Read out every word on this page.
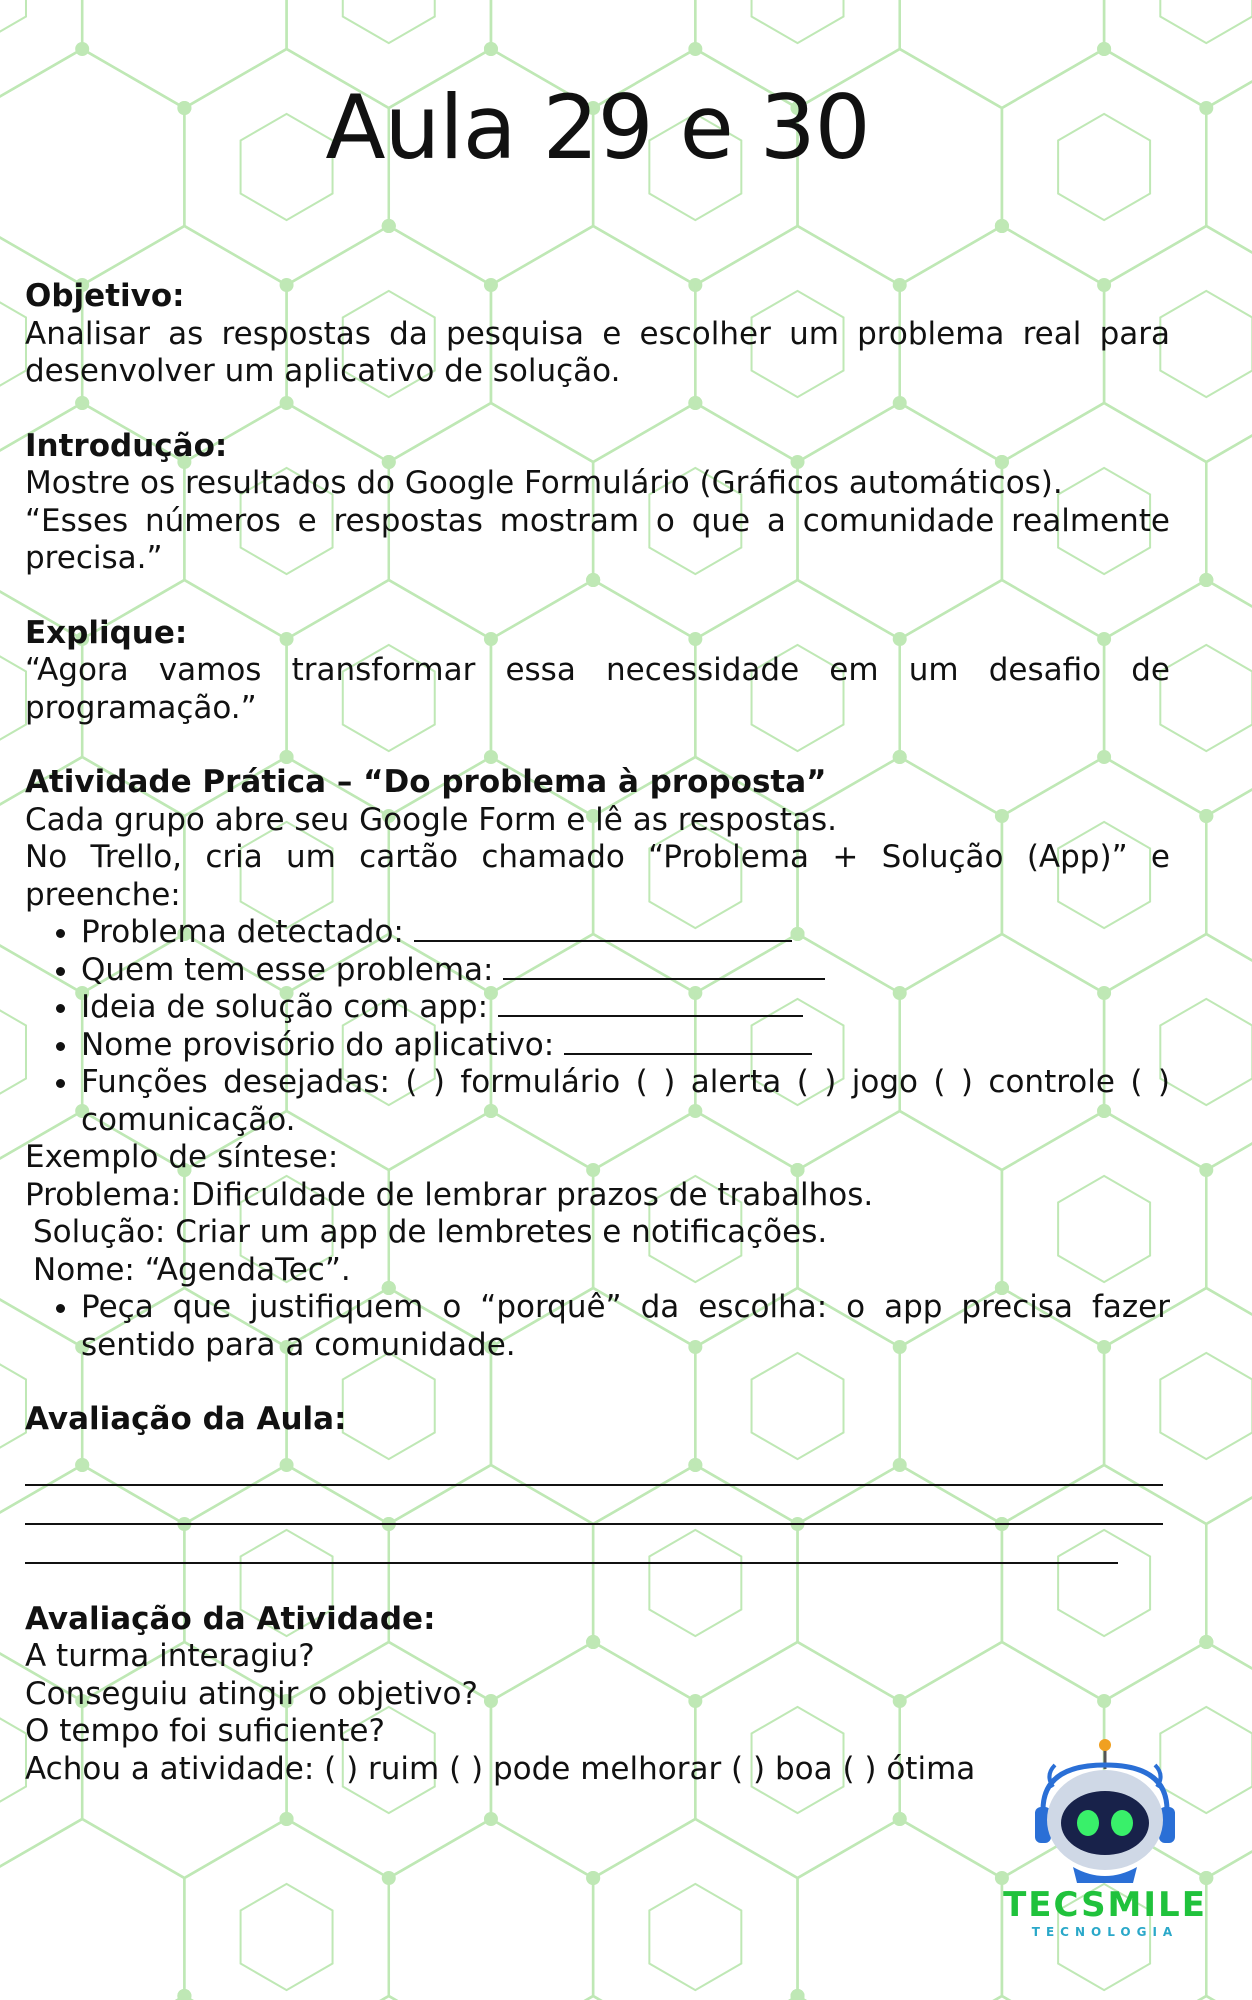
Aula 29 e 30
Objetivo:

Analisar as respostas da pesquisa e escolher um problema real para desenvolver um aplicativo de solução.

Introdução:

Mostre os resultados do Google Formulário (Gráficos automáticos).

“Esses números e respostas mostram o que a comunidade realmente precisa.”

Explique:

“Agora vamos transformar essa necessidade em um desafio de programação.”

Atividade Prática – “Do problema à proposta”

Cada grupo abre seu Google Form e lê as respostas.

No Trello, cria um cartão chamado “Problema + Solução (App)” e preenche:

• Problema detectado:
• Quem tem esse problema:
• Ideia de solução com app:
• Nome provisório do aplicativo:
• Funções desejadas: ( ) formulário ( ) alerta ( ) jogo ( ) controle ( ) comunicação.

Exemplo de síntese:

Problema: Dificuldade de lembrar prazos de trabalhos.

Solução: Criar um app de lembretes e notificações.

Nome: “AgendaTec”.

• Peça que justifiquem o “porquê” da escolha: o app precisa fazer sentido para a comunidade.
Avaliação da Aula:
Avaliação da Atividade:

A turma interagiu?

Conseguiu atingir o objetivo?

O tempo foi suficiente?

Achou a atividade: ( ) ruim ( ) pode melhorar ( ) boa ( ) ótima

TECSMILE
TECNOLOGIA
